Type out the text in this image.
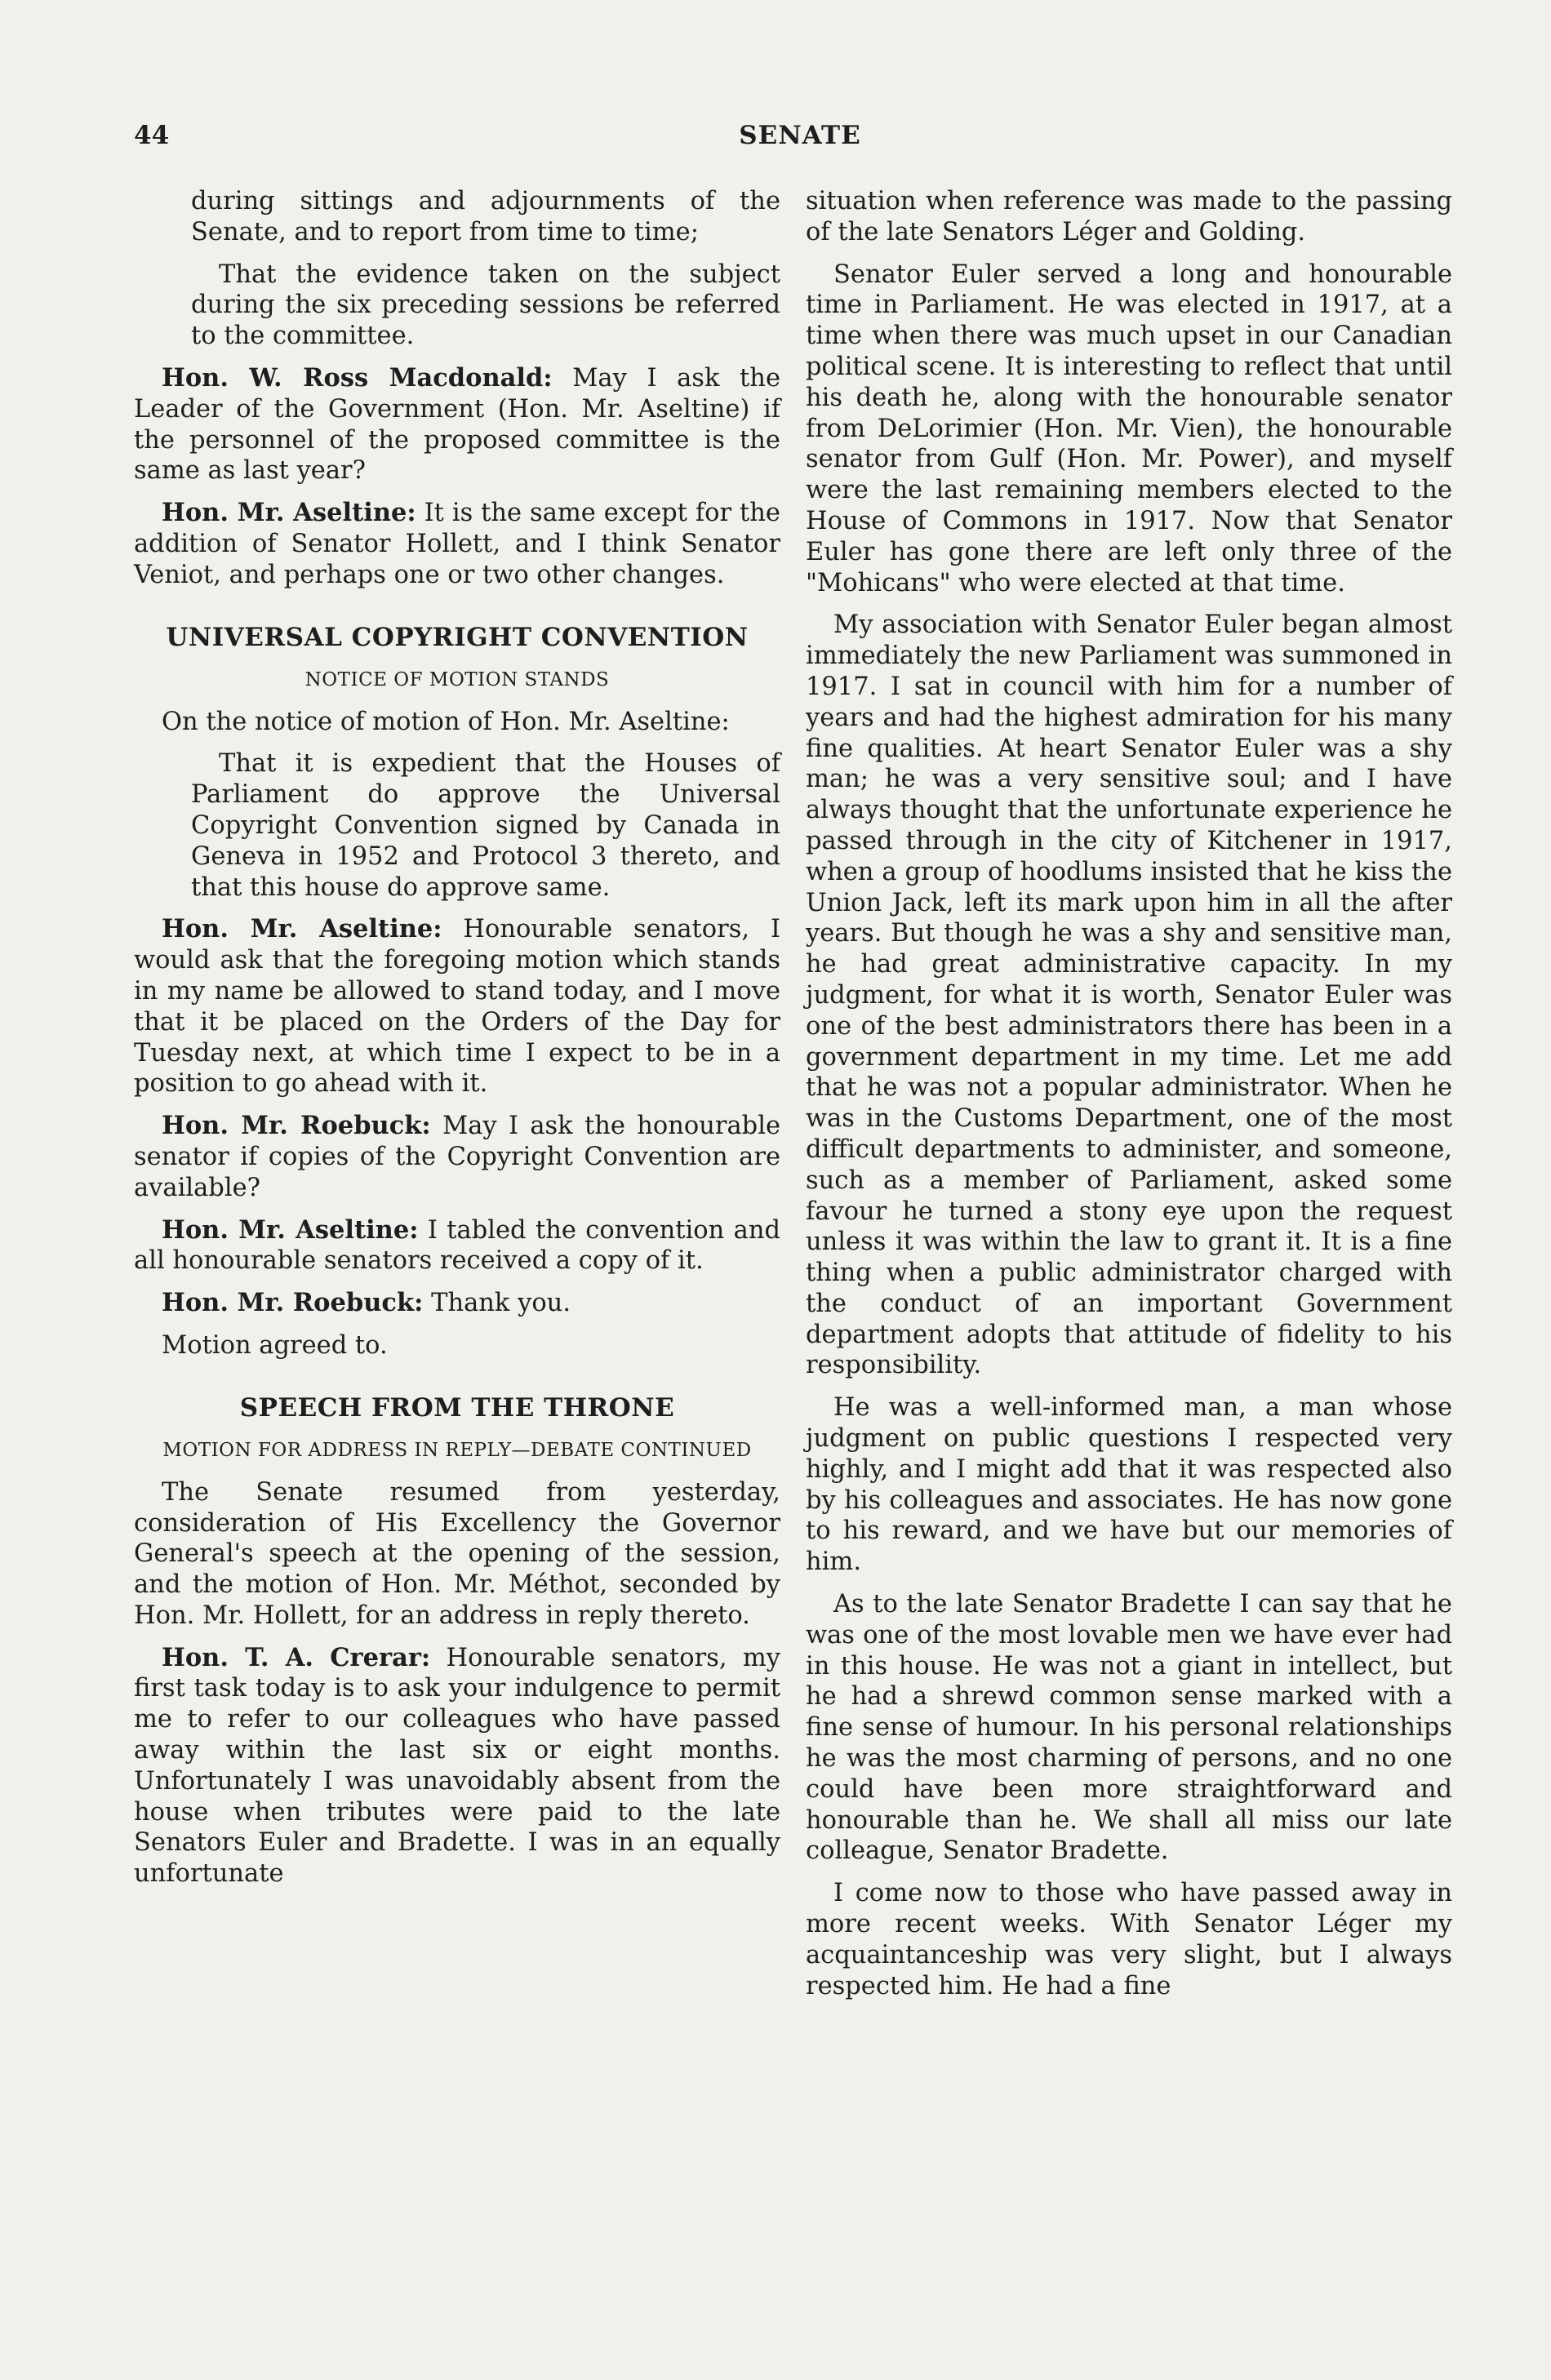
44	SENATE

during sittings and adjournments of the Senate, and to report from time to time;

That the evidence taken on the subject during the six preceding sessions be referred to the committee.

Hon. W. Ross Macdonald: May I ask the Leader of the Government (Hon. Mr. Aseltine) if the personnel of the proposed committee is the same as last year?

Hon. Mr. Aseltine: It is the same except for the addition of Senator Hollett, and I think Senator Veniot, and perhaps one or two other changes.

UNIVERSAL COPYRIGHT CONVENTION
NOTICE OF MOTION STANDS

On the notice of motion of Hon. Mr. Aseltine:

That it is expedient that the Houses of Parliament do approve the Universal Copyright Convention signed by Canada in Geneva in 1952 and Protocol 3 thereto, and that this house do approve same.

Hon. Mr. Aseltine: Honourable senators, I would ask that the foregoing motion which stands in my name be allowed to stand today, and I move that it be placed on the Orders of the Day for Tuesday next, at which time I expect to be in a position to go ahead with it.

Hon. Mr. Roebuck: May I ask the honourable senator if copies of the Copyright Convention are available?

Hon. Mr. Aseltine: I tabled the convention and all honourable senators received a copy of it.

Hon. Mr. Roebuck: Thank you.

Motion agreed to.

SPEECH FROM THE THRONE
MOTION FOR ADDRESS IN REPLY—DEBATE CONTINUED

The Senate resumed from yesterday, consideration of His Excellency the Governor General's speech at the opening of the session, and the motion of Hon. Mr. Méthot, seconded by Hon. Mr. Hollett, for an address in reply thereto.

Hon. T. A. Crerar: Honourable senators, my first task today is to ask your indulgence to permit me to refer to our colleagues who have passed away within the last six or eight months. Unfortunately I was unavoidably absent from the house when tributes were paid to the late Senators Euler and Bradette. I was in an equally unfortunate

situation when reference was made to the passing of the late Senators Léger and Golding.

Senator Euler served a long and honourable time in Parliament. He was elected in 1917, at a time when there was much upset in our Canadian political scene. It is interesting to reflect that until his death he, along with the honourable senator from DeLorimier (Hon. Mr. Vien), the honourable senator from Gulf (Hon. Mr. Power), and myself were the last remaining members elected to the House of Commons in 1917. Now that Senator Euler has gone there are left only three of the "Mohicans" who were elected at that time.

My association with Senator Euler began almost immediately the new Parliament was summoned in 1917. I sat in council with him for a number of years and had the highest admiration for his many fine qualities. At heart Senator Euler was a shy man; he was a very sensitive soul; and I have always thought that the unfortunate experience he passed through in the city of Kitchener in 1917, when a group of hoodlums insisted that he kiss the Union Jack, left its mark upon him in all the after years. But though he was a shy and sensitive man, he had great administrative capacity. In my judgment, for what it is worth, Senator Euler was one of the best administrators there has been in a government department in my time. Let me add that he was not a popular administrator. When he was in the Customs Department, one of the most difficult departments to administer, and someone, such as a member of Parliament, asked some favour he turned a stony eye upon the request unless it was within the law to grant it. It is a fine thing when a public administrator charged with the conduct of an important Government department adopts that attitude of fidelity to his responsibility.

He was a well-informed man, a man whose judgment on public questions I respected very highly, and I might add that it was respected also by his colleagues and associates. He has now gone to his reward, and we have but our memories of him.

As to the late Senator Bradette I can say that he was one of the most lovable men we have ever had in this house. He was not a giant in intellect, but he had a shrewd common sense marked with a fine sense of humour. In his personal relationships he was the most charming of persons, and no one could have been more straightforward and honourable than he. We shall all miss our late colleague, Senator Bradette.

I come now to those who have passed away in more recent weeks. With Senator Léger my acquaintanceship was very slight, but I always respected him. He had a fine
